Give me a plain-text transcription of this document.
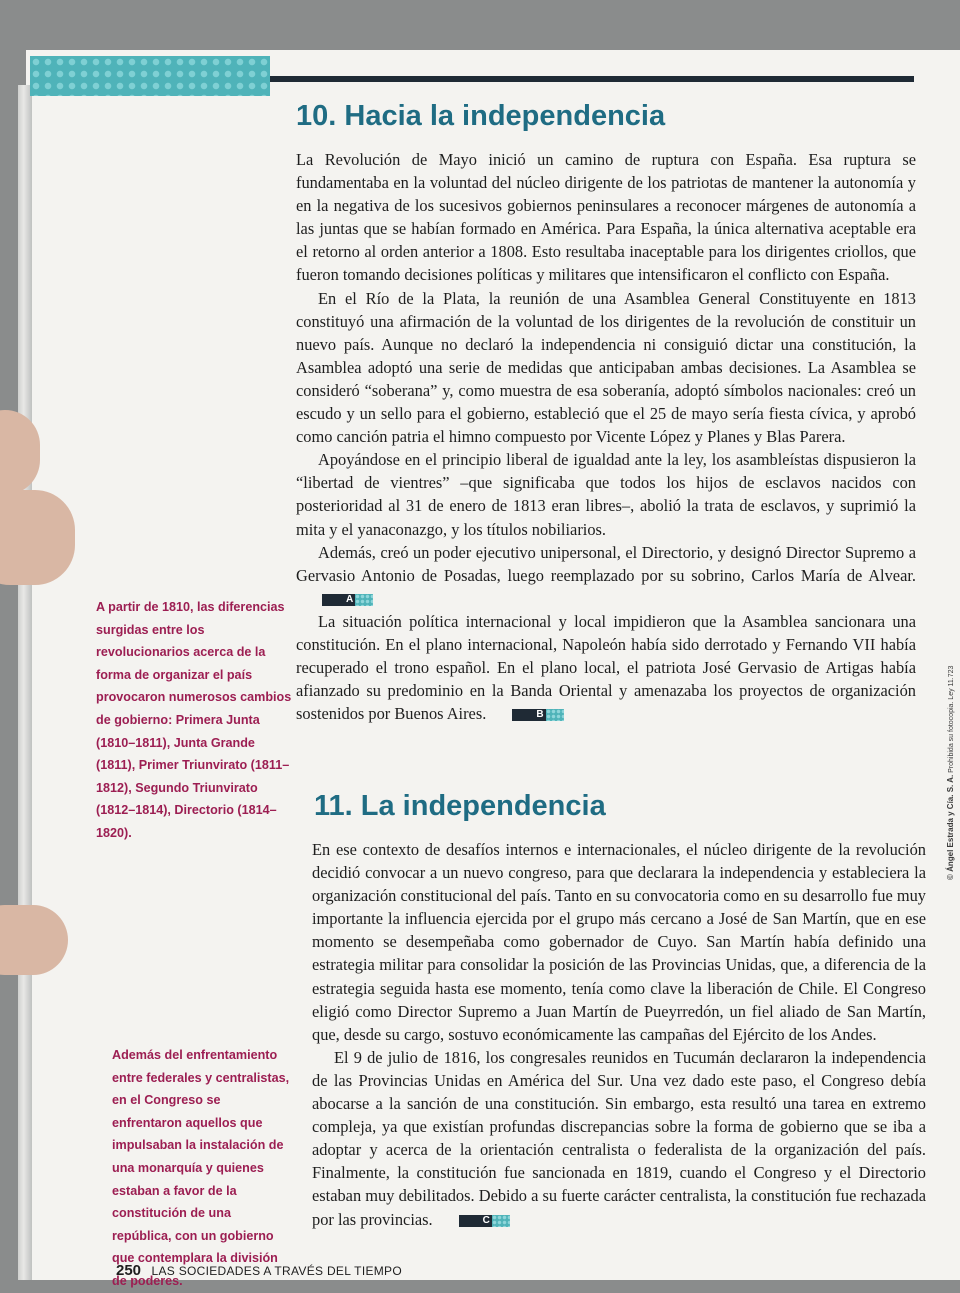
10. Hacia la independencia

La Revolución de Mayo inició un camino de ruptura con España. Esa ruptura se fundamentaba en la voluntad del núcleo dirigente de los patriotas de mantener la autonomía y en la negativa de los sucesivos gobiernos peninsulares a reconocer márgenes de autonomía a las juntas que se habían formado en América. Para España, la única alternativa aceptable era el retorno al orden anterior a 1808. Esto resultaba inaceptable para los dirigentes criollos, que fueron tomando decisiones políticas y militares que intensificaron el conflicto con España.

En el Río de la Plata, la reunión de una Asamblea General Constituyente en 1813 constituyó una afirmación de la voluntad de los dirigentes de la revolución de constituir un nuevo país. Aunque no declaró la independencia ni consiguió dictar una constitución, la Asamblea adoptó una serie de medidas que anticipaban ambas decisiones. La Asamblea se consideró “soberana” y, como muestra de esa soberanía, adoptó símbolos nacionales: creó un escudo y un sello para el gobierno, estableció que el 25 de mayo sería fiesta cívica, y aprobó como canción patria el himno compuesto por Vicente López y Planes y Blas Parera.

Apoyándose en el principio liberal de igualdad ante la ley, los asambleístas dispusieron la “libertad de vientres” –que significaba que todos los hijos de esclavos nacidos con posterioridad al 31 de enero de 1813 eran libres–, abolió la trata de esclavos, y suprimió la mita y el yanaconazgo, y los títulos nobiliarios.

Además, creó un poder ejecutivo unipersonal, el Directorio, y designó Director Supremo a Gervasio Antonio de Posadas, luego reemplazado por su sobrino, Carlos María de Alvear.A

La situación política internacional y local impidieron que la Asamblea sancionara una constitución. En el plano internacional, Napoleón había sido derrotado y Fernando VII había recuperado el trono español. En el plano local, el patriota José Gervasio de Artigas había afianzado su predominio en la Banda Oriental y amenazaba los proyectos de organización sostenidos por Buenos Aires.	B

11. La independencia

En ese contexto de desafíos internos e internacionales, el núcleo dirigente de la revolución decidió convocar a un nuevo congreso, para que declarara la independencia y estableciera la organización constitucional del país. Tanto en su convocatoria como en su desarrollo fue muy importante la influencia ejercida por el grupo más cercano a José de San Martín, que en ese momento se desempeñaba como gobernador de Cuyo. San Martín había definido una estrategia militar para consolidar la posición de las Provincias Unidas, que, a diferencia de la estrategia seguida hasta ese momento, tenía como clave la liberación de Chile. El Congreso eligió como Director Supremo a Juan Martín de Pueyrredón, un fiel aliado de San Martín, que, desde su cargo, sostuvo económicamente las campañas del Ejército de los Andes.

El 9 de julio de 1816, los congresales reunidos en Tucumán declararon la independencia de las Provincias Unidas en América del Sur. Una vez dado este paso, el Congreso debía abocarse a la sanción de una constitución. Sin embargo, esta resultó una tarea en extremo compleja, ya que existían profundas discrepancias sobre la forma de gobierno que se iba a adoptar y acerca de la orientación centralista o federalista de la organización del país. Finalmente, la constitución fue sancionada en 1819, cuando el Congreso y el Directorio estaban muy debilitados. Debido a su fuerte carácter centralista, la constitución fue rechazada por las provincias.	C

A partir de 1810, las diferencias surgidas entre los revolucionarios acerca de la forma de organizar el país provocaron numerosos cambios de gobierno: Primera Junta (1810–1811), Junta Grande (1811), Primer Triunvirato (1811–1812), Segundo Triunvirato (1812–1814), Directorio (1814–1820).

Además del enfrentamiento entre federales y centralistas, en el Congreso se enfrentaron aquellos que impulsaban la instalación de una monarquía y quienes estaban a favor de la constitución de una república, con un gobierno que contemplara la división de poderes.

250 LAS SOCIEDADES A TRAVÉS DEL TIEMPO
© Ángel Estrada y Cía. S. A. Prohibida su fotocopia. Ley 11.723
